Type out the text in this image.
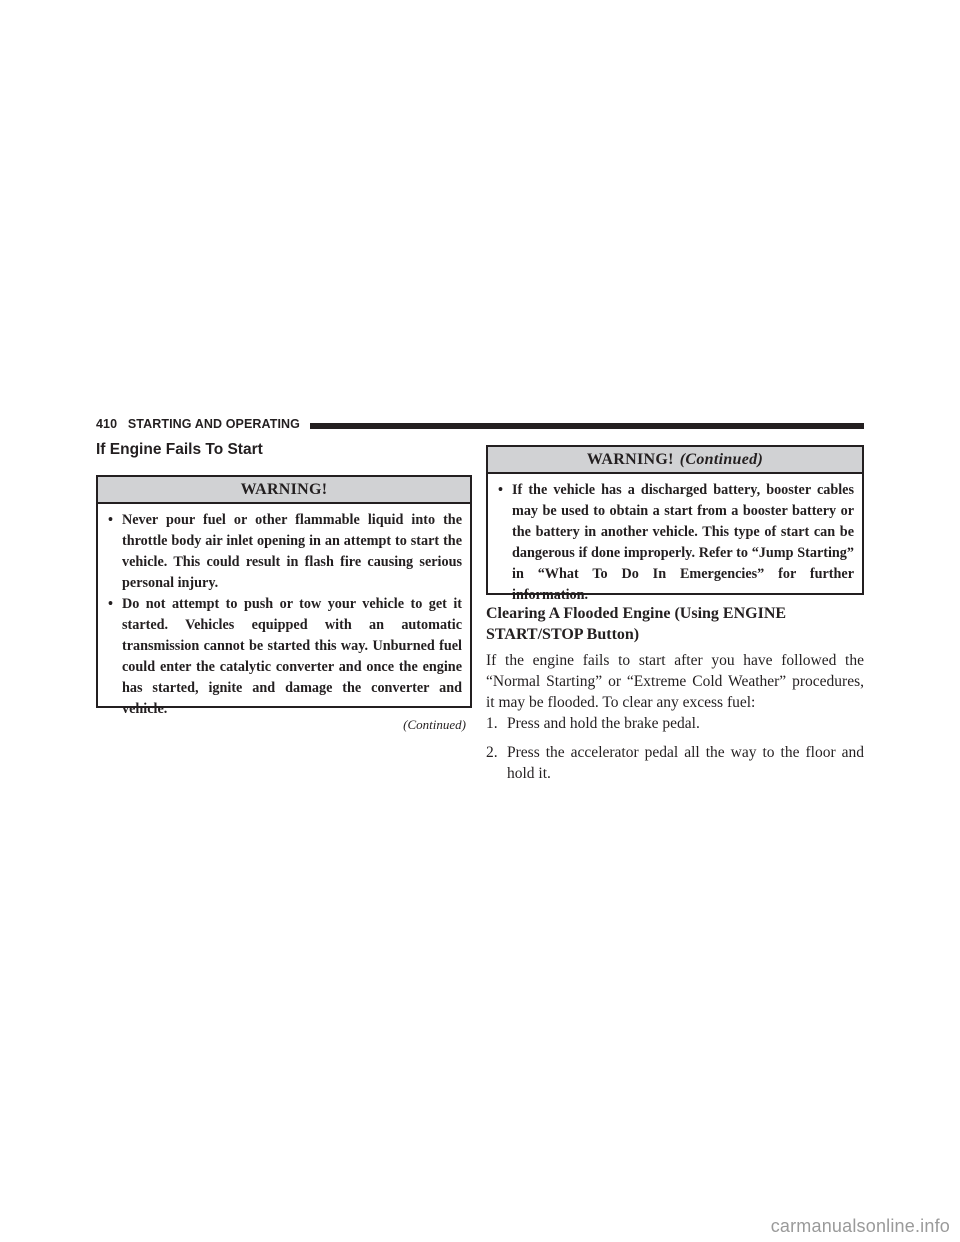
410 STARTING AND OPERATING
If Engine Fails To Start
WARNING!
• Never pour fuel or other flammable liquid into the throttle body air inlet opening in an attempt to start the vehicle. This could result in flash fire causing serious personal injury.
• Do not attempt to push or tow your vehicle to get it started. Vehicles equipped with an automatic transmission cannot be started this way. Unburned fuel could enter the catalytic converter and once the engine has started, ignite and damage the converter and vehicle.
(Continued)
WARNING! (Continued)
• If the vehicle has a discharged battery, booster cables may be used to obtain a start from a booster battery or the battery in another vehicle. This type of start can be dangerous if done improperly. Refer to “Jump Starting” in “What To Do In Emergencies” for further information.
Clearing A Flooded Engine (Using ENGINE START/STOP Button)
If the engine fails to start after you have followed the “Normal Starting” or “Extreme Cold Weather” procedures, it may be flooded. To clear any excess fuel:
1. Press and hold the brake pedal.
2. Press the accelerator pedal all the way to the floor and hold it.
carmanualsonline.info
